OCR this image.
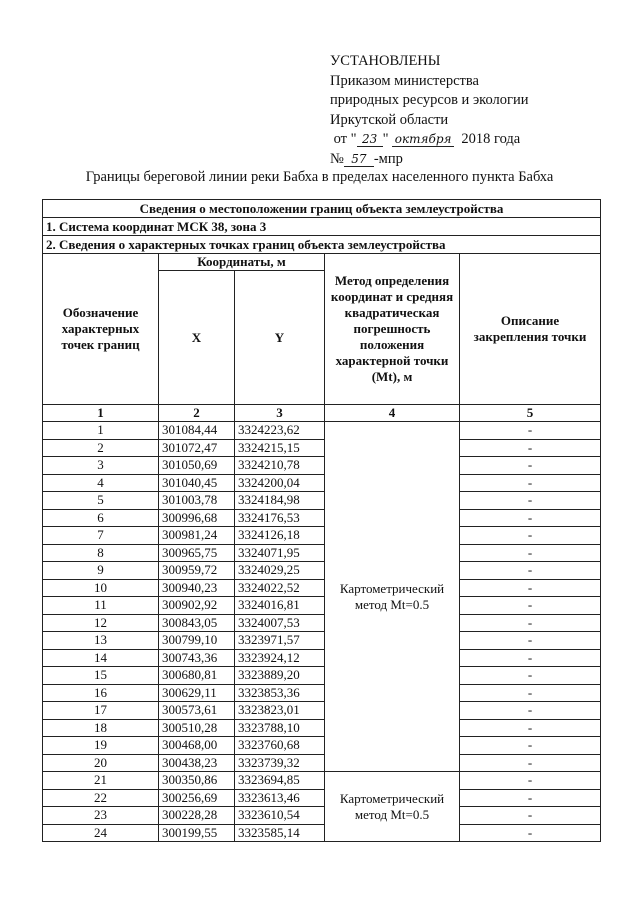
УСТАНОВЛЕНЫ
Приказом министерства
природных ресурсов и экологии
Иркутской области
от " 23 " октября 2018 года
№ 57 -мпр
Границы береговой линии реки Бабха в пределах населенного пункта Бабха
Сведения о местоположении границ объекта землеустройства				
1. Система координат МСК 38, зона 3				
2. Сведения о характерных точках границ объекта землеустройства				
Обозначение характерных точек границ	Координаты, м		Метод определения координат и средняя квадратическая погрешность положения характерной точки (Mt), м	Описание закрепления точки
	X	Y		
1	2	3	4	5
1	301084,44	3324223,62	Картометрический метод Mt=0.5	-
2	301072,47	3324215,15		-
3	301050,69	3324210,78		-
4	301040,45	3324200,04		-
5	301003,78	3324184,98		-
6	300996,68	3324176,53		-
7	300981,24	3324126,18		-
8	300965,75	3324071,95		-
9	300959,72	3324029,25		-
10	300940,23	3324022,52		-
11	300902,92	3324016,81		-
12	300843,05	3324007,53		-
13	300799,10	3323971,57		-
14	300743,36	3323924,12		-
15	300680,81	3323889,20		-
16	300629,11	3323853,36		-
17	300573,61	3323823,01		-
18	300510,28	3323788,10		-
19	300468,00	3323760,68		-
20	300438,23	3323739,32		-
21	300350,86	3323694,85	Картометрический метод Mt=0.5	-
22	300256,69	3323613,46		-
23	300228,28	3323610,54		-
24	300199,55	3323585,14		-
